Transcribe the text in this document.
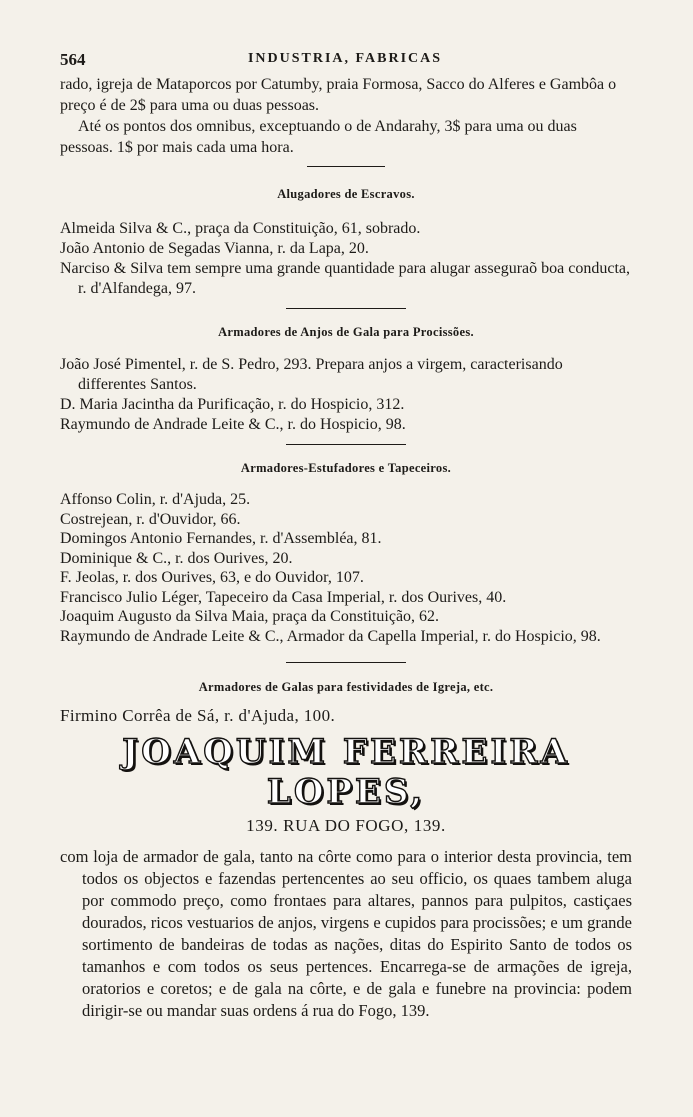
564	INDUSTRIA, FABRICAS

rado, igreja de Mataporcos por Catumby, praia Formosa, Sacco do Alferes e Gambôa o preço é de 2$ para uma ou duas pessoas.

Até os pontos dos omnibus, exceptuando o de Andarahy, 3$ para uma ou duas pessoas. 1$ por mais cada uma hora.

Alugadores de Escravos.

Almeida Silva & C., praça da Constituição, 61, sobrado.

João Antonio de Segadas Vianna, r. da Lapa, 20.

Narciso & Silva tem sempre uma grande quantidade para alugar asseguraõ boa conducta, r. d'Alfandega, 97.

Armadores de Anjos de Gala para Procissões.

João José Pimentel, r. de S. Pedro, 293. Prepara anjos a virgem, caracterisando differentes Santos.

D. Maria Jacintha da Purificação, r. do Hospicio, 312.

Raymundo de Andrade Leite & C., r. do Hospicio, 98.

Armadores-Estufadores e Tapeceiros.

Affonso Colin, r. d'Ajuda, 25.

Costrejean, r. d'Ouvidor, 66.

Domingos Antonio Fernandes, r. d'Assembléa, 81.

Dominique & C., r. dos Ourives, 20.

F. Jeolas, r. dos Ourives, 63, e do Ouvidor, 107.

Francisco Julio Léger, Tapeceiro da Casa Imperial, r. dos Ourives, 40.

Joaquim Augusto da Silva Maia, praça da Constituição, 62.

Raymundo de Andrade Leite & C., Armador da Capella Imperial, r. do Hospicio, 98.

Armadores de Galas para festividades de Igreja, etc.

Firmino Corrêa de Sá, r. d'Ajuda, 100.

JOAQUIM FERREIRA LOPES,
139. RUA DO FOGO, 139.

com loja de armador de gala, tanto na côrte como para o interior desta provincia, tem todos os objectos e fazendas pertencentes ao seu officio, os quaes tambem aluga por commodo preço, como frontaes para altares, pannos para pulpitos, castiçaes dourados, ricos vestuarios de anjos, virgens e cupidos para procissões; e um grande sortimento de bandeiras de todas as nações, ditas do Espirito Santo de todos os tamanhos e com todos os seus pertences. Encarrega-se de armações de igreja, oratorios e coretos; e de gala na côrte, e de gala e funebre na provincia: podem dirigir-se ou mandar suas ordens á rua do Fogo, 139.
